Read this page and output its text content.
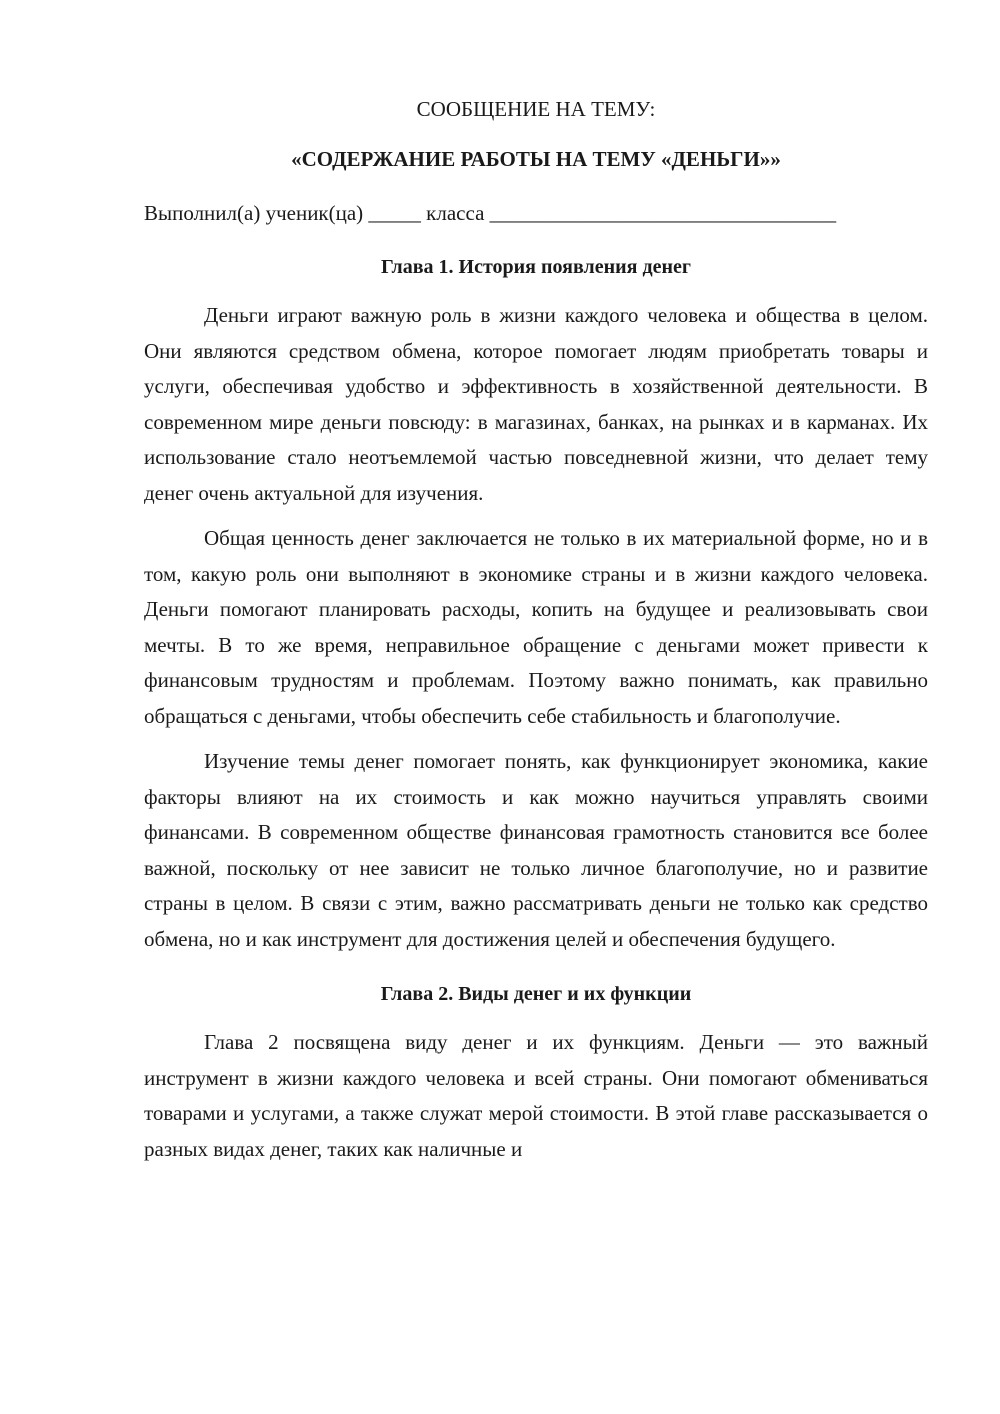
СООБЩЕНИЕ НА ТЕМУ:

«СОДЕРЖАНИЕ РАБОТЫ НА ТЕМУ «ДЕНЬГИ»»

Выполнил(а) ученик(ца) _____ класса _________________________________

Глава 1. История появления денег

Деньги играют важную роль в жизни каждого человека и общества в целом. Они являются средством обмена, которое помогает людям приобретать товары и услуги, обеспечивая удобство и эффективность в хозяйственной деятельности. В современном мире деньги повсюду: в магазинах, банках, на рынках и в карманах. Их использование стало неотъемлемой частью повседневной жизни, что делает тему денег очень актуальной для изучения.

Общая ценность денег заключается не только в их материальной форме, но и в том, какую роль они выполняют в экономике страны и в жизни каждого человека. Деньги помогают планировать расходы, копить на будущее и реализовывать свои мечты. В то же время, неправильное обращение с деньгами может привести к финансовым трудностям и проблемам. Поэтому важно понимать, как правильно обращаться с деньгами, чтобы обеспечить себе стабильность и благополучие.

Изучение темы денег помогает понять, как функционирует экономика, какие факторы влияют на их стоимость и как можно научиться управлять своими финансами. В современном обществе финансовая грамотность становится все более важной, поскольку от нее зависит не только личное благополучие, но и развитие страны в целом. В связи с этим, важно рассматривать деньги не только как средство обмена, но и как инструмент для достижения целей и обеспечения будущего.

Глава 2. Виды денег и их функции

Глава 2 посвящена виду денег и их функциям. Деньги — это важный инструмент в жизни каждого человека и всей страны. Они помогают обмениваться товарами и услугами, а также служат мерой стоимости. В этой главе рассказывается о разных видах денег, таких как наличные и
